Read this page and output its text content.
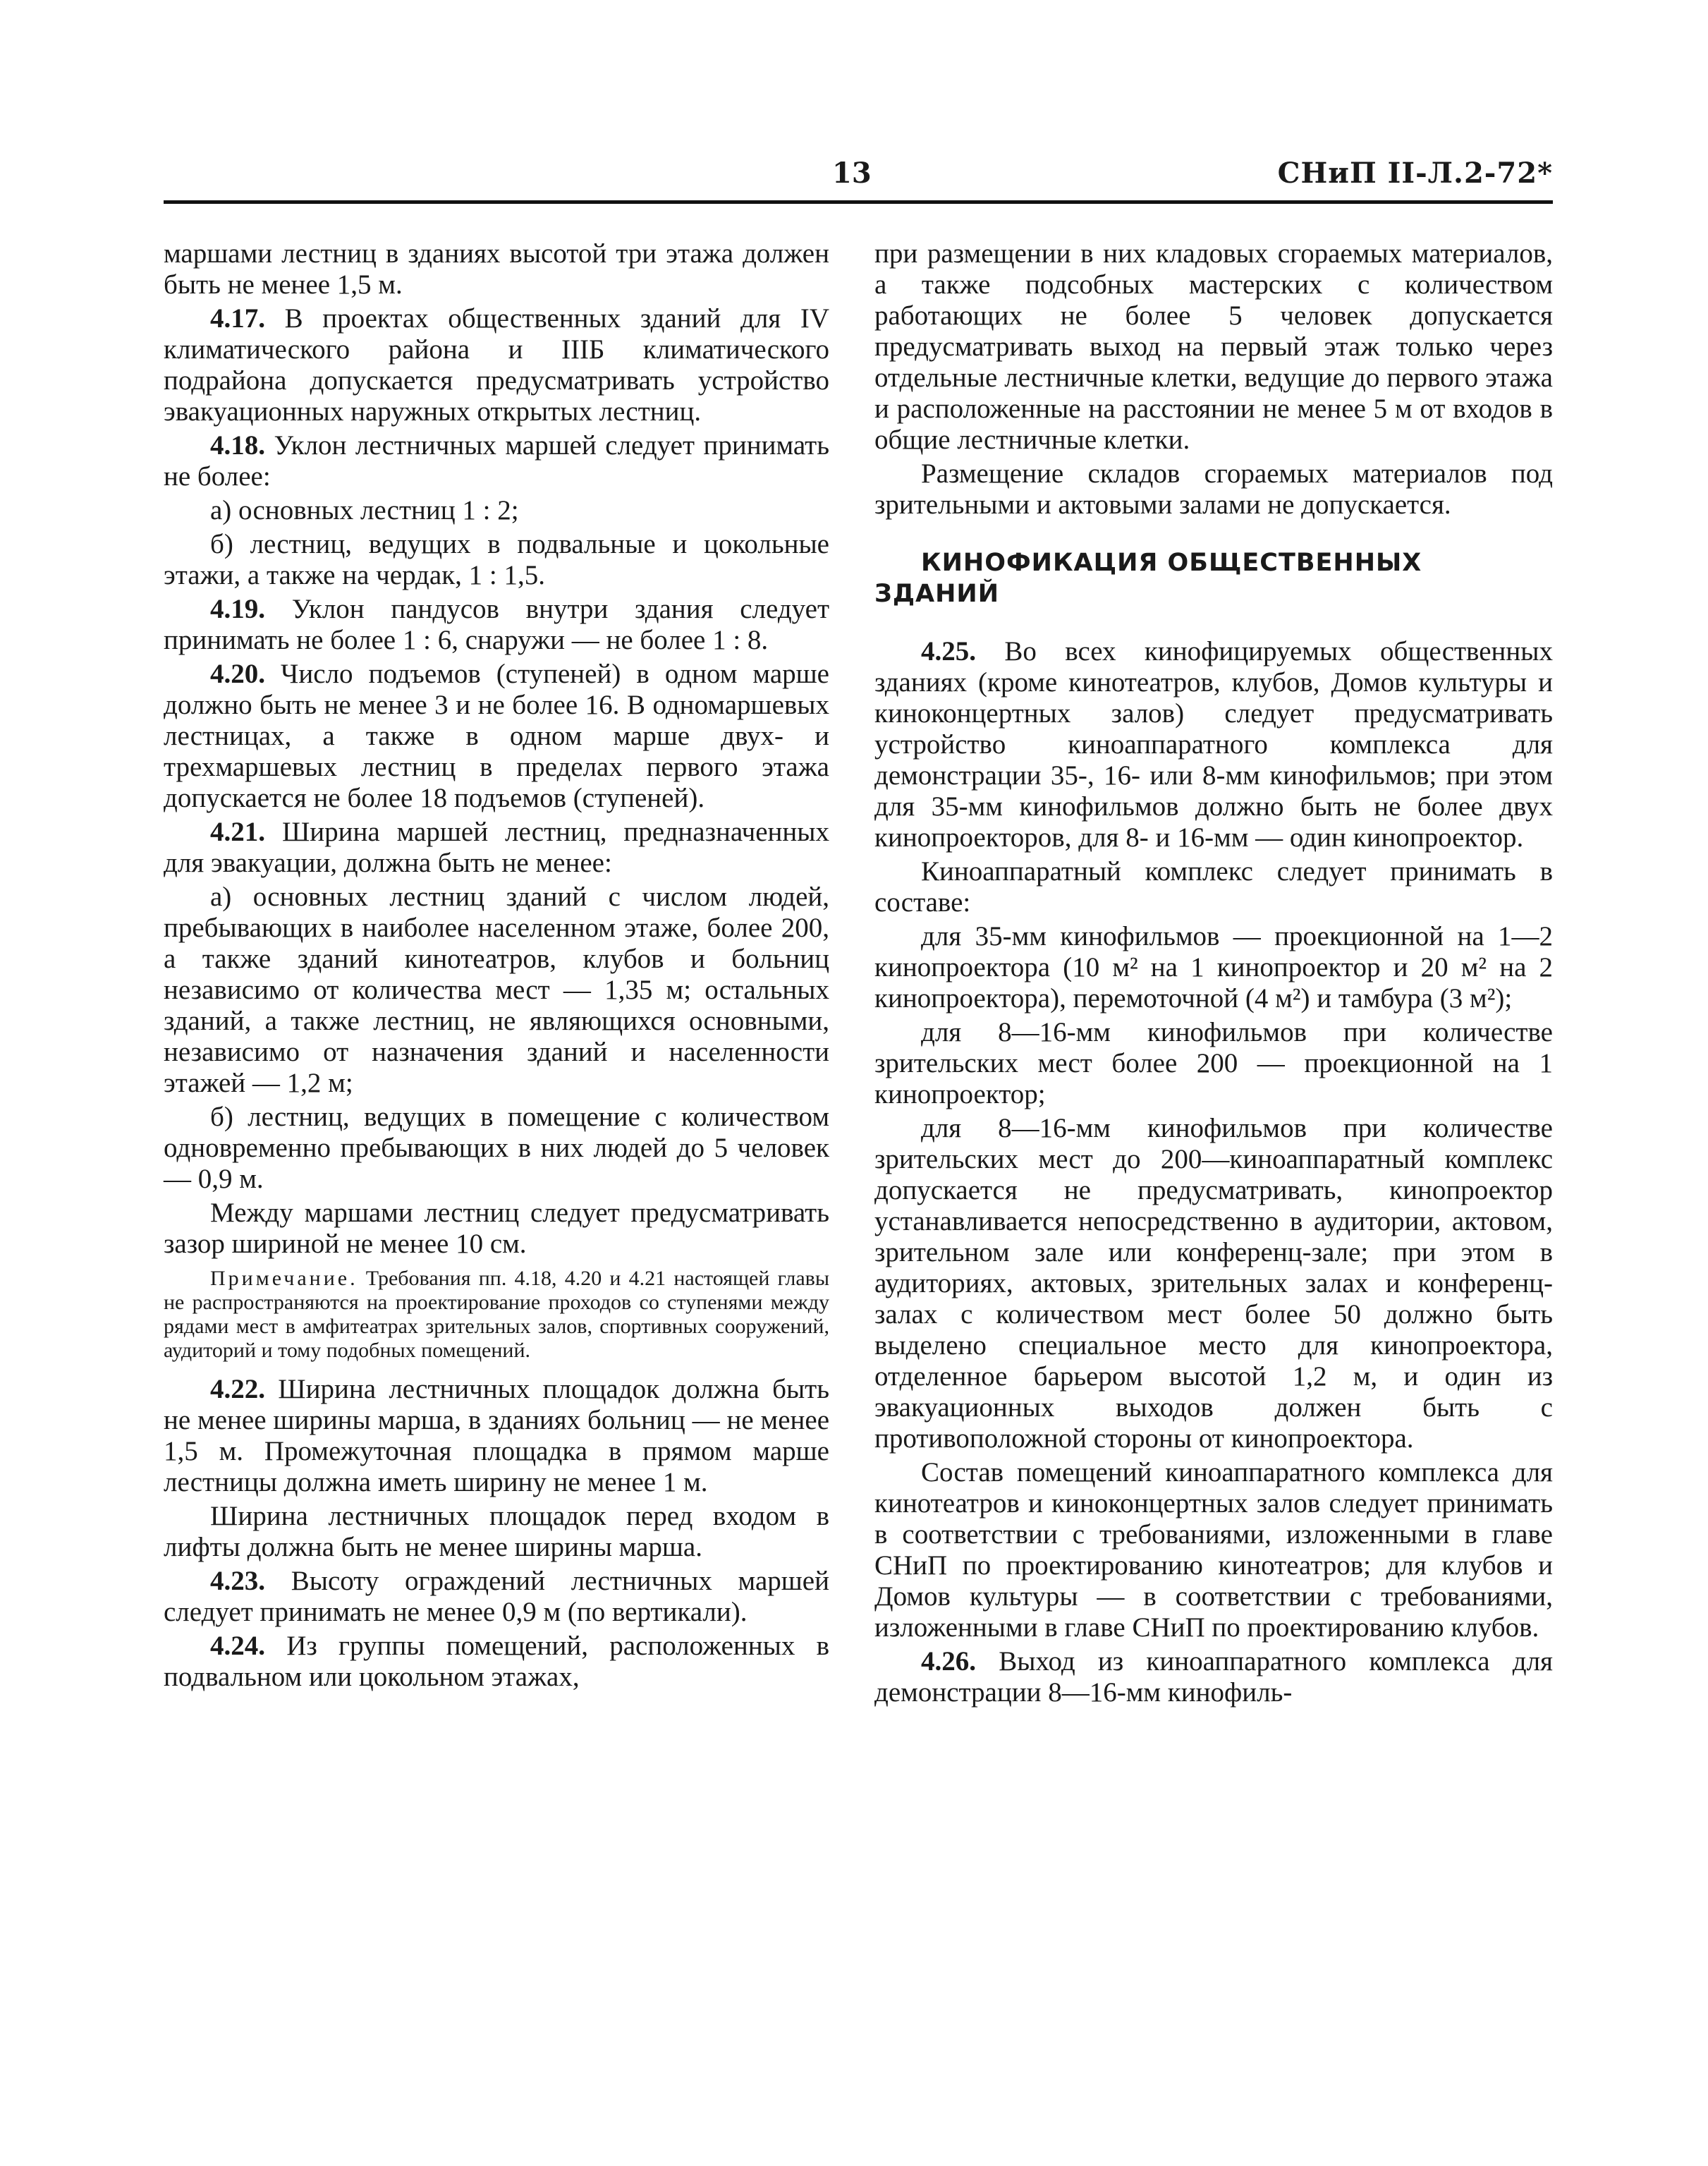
13	СНиП II-Л.2-72*

маршами лестниц в зданиях высотой три этажа должен быть не менее 1,5 м.

4.17. В проектах общественных зданий для IV климатического района и IIIБ климатического подрайона допускается предусматривать устройство эвакуационных наружных открытых лестниц.

4.18. Уклон лестничных маршей следует принимать не более:

а) основных лестниц 1 : 2;

б) лестниц, ведущих в подвальные и цокольные этажи, а также на чердак, 1 : 1,5.

4.19. Уклон пандусов внутри здания следует принимать не более 1 : 6, снаружи — не более 1 : 8.

4.20. Число подъемов (ступеней) в одном марше должно быть не менее 3 и не более 16. В одномаршевых лестницах, а также в одном марше двух- и трехмаршевых лестниц в пределах первого этажа допускается не более 18 подъемов (ступеней).

4.21. Ширина маршей лестниц, предназначенных для эвакуации, должна быть не менее:

а) основных лестниц зданий с числом людей, пребывающих в наиболее населенном этаже, более 200, а также зданий кинотеатров, клубов и больниц независимо от количества мест — 1,35 м; остальных зданий, а также лестниц, не являющихся основными, независимо от назначения зданий и населенности этажей — 1,2 м;

б) лестниц, ведущих в помещение с количеством одновременно пребывающих в них людей до 5 человек — 0,9 м.

Между маршами лестниц следует предусматривать зазор шириной не менее 10 см.

Примечание. Требования пп. 4.18, 4.20 и 4.21 настоящей главы не распространяются на проектирование проходов со ступенями между рядами мест в амфитеатрах зрительных залов, спортивных сооружений, аудиторий и тому подобных помещений.

4.22. Ширина лестничных площадок должна быть не менее ширины марша, в зданиях больниц — не менее 1,5 м. Промежуточная площадка в прямом марше лестницы должна иметь ширину не менее 1 м.

Ширина лестничных площадок перед входом в лифты должна быть не менее ширины марша.

4.23. Высоту ограждений лестничных маршей следует принимать не менее 0,9 м (по вертикали).

4.24. Из группы помещений, расположенных в подвальном или цокольном этажах,

при размещении в них кладовых сгораемых материалов, а также подсобных мастерских с количеством работающих не более 5 человек допускается предусматривать выход на первый этаж только через отдельные лестничные клетки, ведущие до первого этажа и расположенные на расстоянии не менее 5 м от входов в общие лестничные клетки.

Размещение складов сгораемых материалов под зрительными и актовыми залами не допускается.

КИНОФИКАЦИЯ ОБЩЕСТВЕННЫХ ЗДАНИЙ

4.25. Во всех кинофицируемых общественных зданиях (кроме кинотеатров, клубов, Домов культуры и киноконцертных залов) следует предусматривать устройство киноаппаратного комплекса для демонстрации 35-, 16- или 8-мм кинофильмов; при этом для 35-мм кинофильмов должно быть не более двух кинопроекторов, для 8- и 16-мм — один кинопроектор.

Киноаппаратный комплекс следует принимать в составе:

для 35-мм кинофильмов — проекционной на 1—2 кинопроектора (10 м² на 1 кинопроектор и 20 м² на 2 кинопроектора), перемоточной (4 м²) и тамбура (3 м²);

для 8—16-мм кинофильмов при количестве зрительских мест более 200 — проекционной на 1 кинопроектор;

для 8—16-мм кинофильмов при количестве зрительских мест до 200—киноаппаратный комплекс допускается не предусматривать, кинопроектор устанавливается непосредственно в аудитории, актовом, зрительном зале или конференц-зале; при этом в аудиториях, актовых, зрительных залах и конференц-залах с количеством мест более 50 должно быть выделено специальное место для кинопроектора, отделенное барьером высотой 1,2 м, и один из эвакуационных выходов должен быть с противоположной стороны от кинопроектора.

Состав помещений киноаппаратного комплекса для кинотеатров и киноконцертных залов следует принимать в соответствии с требованиями, изложенными в главе СНиП по проектированию кинотеатров; для клубов и Домов культуры — в соответствии с требованиями, изложенными в главе СНиП по проектированию клубов.

4.26. Выход из киноаппаратного комплекса для демонстрации 8—16-мм кинофиль-
